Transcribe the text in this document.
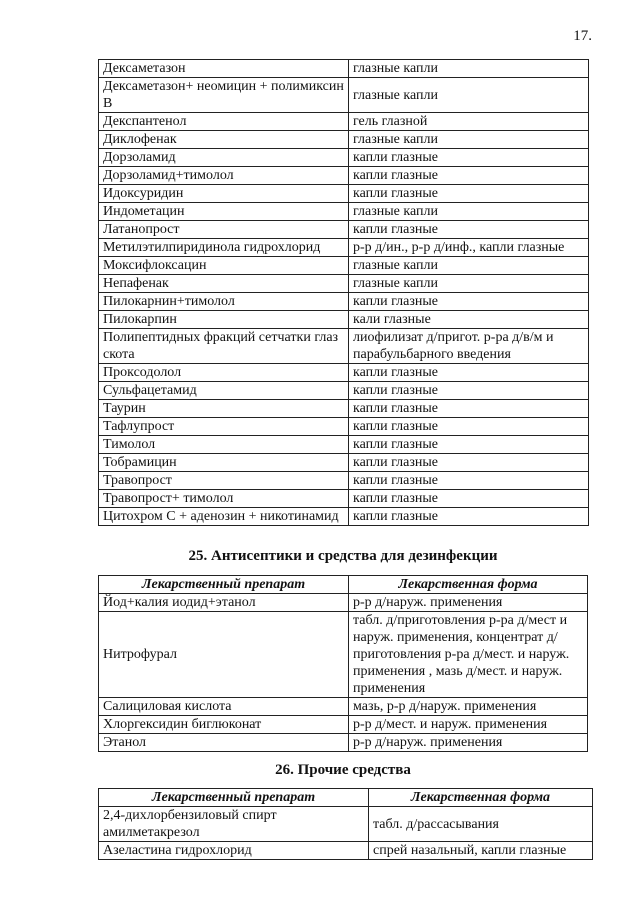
17.
Дексаметазон	глазные капли
Дексаметазон+ неомицин + полимиксин В	глазные капли
Декспантенол	гель глазной
Диклофенак	глазные капли
Дорзоламид	капли глазные
Дорзоламид+тимолол	капли глазные
Идоксуридин	капли глазные
Индометацин	глазные капли
Латанопрост	капли глазные
Метилэтилпиридинола гидрохлорид	р-р д/ин., р-р д/инф., капли глазные
Моксифлоксацин	глазные капли
Непафенак	глазные капли
Пилокарнин+тимолол	капли глазные
Пилокарпин	кали глазные
Полипептидных фракций сетчатки глаз скота	лиофилизат д/пригот. р-ра д/в/м и парабульбарного введения
Проксодолол	капли глазные
Сульфацетамид	капли глазные
Таурин	капли глазные
Тафлупрост	капли глазные
Тимолол	капли глазные
Тобрамицин	капли глазные
Травопрост	капли глазные
Травопрост+ тимолол	капли глазные
Цитохром С + аденозин + никотинамид	капли глазные
25. Антисептики и средства для дезинфекции
Лекарственный препарат	Лекарственная форма
Йод+калия иодид+этанол	р-р д/наруж. применения
Нитрофурал	табл. д/приготовления р-ра д/мест и наруж. применения, концентрат д/приготовления р-ра д/мест. и наруж. применения , мазь д/мест. и наруж. применения
Салициловая кислота	мазь, р-р д/наруж. применения
Хлоргексидин биглюконат	р-р д/мест. и наруж. применения
Этанол	р-р д/наруж. применения
26. Прочие средства
Лекарственный препарат	Лекарственная форма
2,4-дихлорбензиловый спирт амилметакрезол	табл. д/рассасывания
Азеластина гидрохлорид	спрей назальный, капли глазные
